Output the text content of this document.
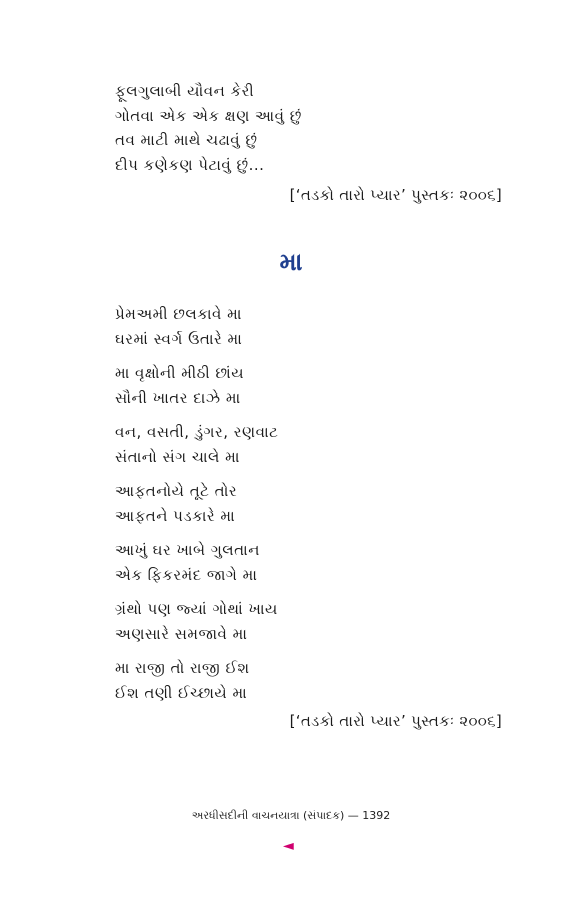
ફૂલગુલાબી યૌવન કેરી
ગોતવા એક એક ક્ષણ આવું છું
તવ માટી માથે ચઢાવું છું
દીપ કણેકણ પેટાવું છું...
[‘તડકો તારો પ્યાર’ પુસ્તકઃ ૨૦૦૬]
મા
પ્રેમઅમી છલકાવે મા
ઘરમાં સ્વર્ગ ઉતારે મા
મા વૃક્ષોની મીઠી છાંય
સૌની ખાતર દાઝે મા
વન, વસતી, ડુંગર, રણવાટ
સંતાનો સંગ ચાલે મા
આફતનોયે તૂટે તોર
આફતને પડકારે મા
આખું ઘર ખાબે ગુલતાન
એક ફિકરમંદ જાગે મા
ગ્રંથો પણ જ્યાં ગોથાં ખાય
અણસારે સમજાવે મા
મા રાજી તો રાજી ઈશ
ઈશ તણી ઈચ્છાયે મા
[‘તડકો તારો પ્યાર’ પુસ્તકઃ ૨૦૦૬]
અરધીસદીની વાચનયાત્રા (સંપાદક) — 1392
◄
